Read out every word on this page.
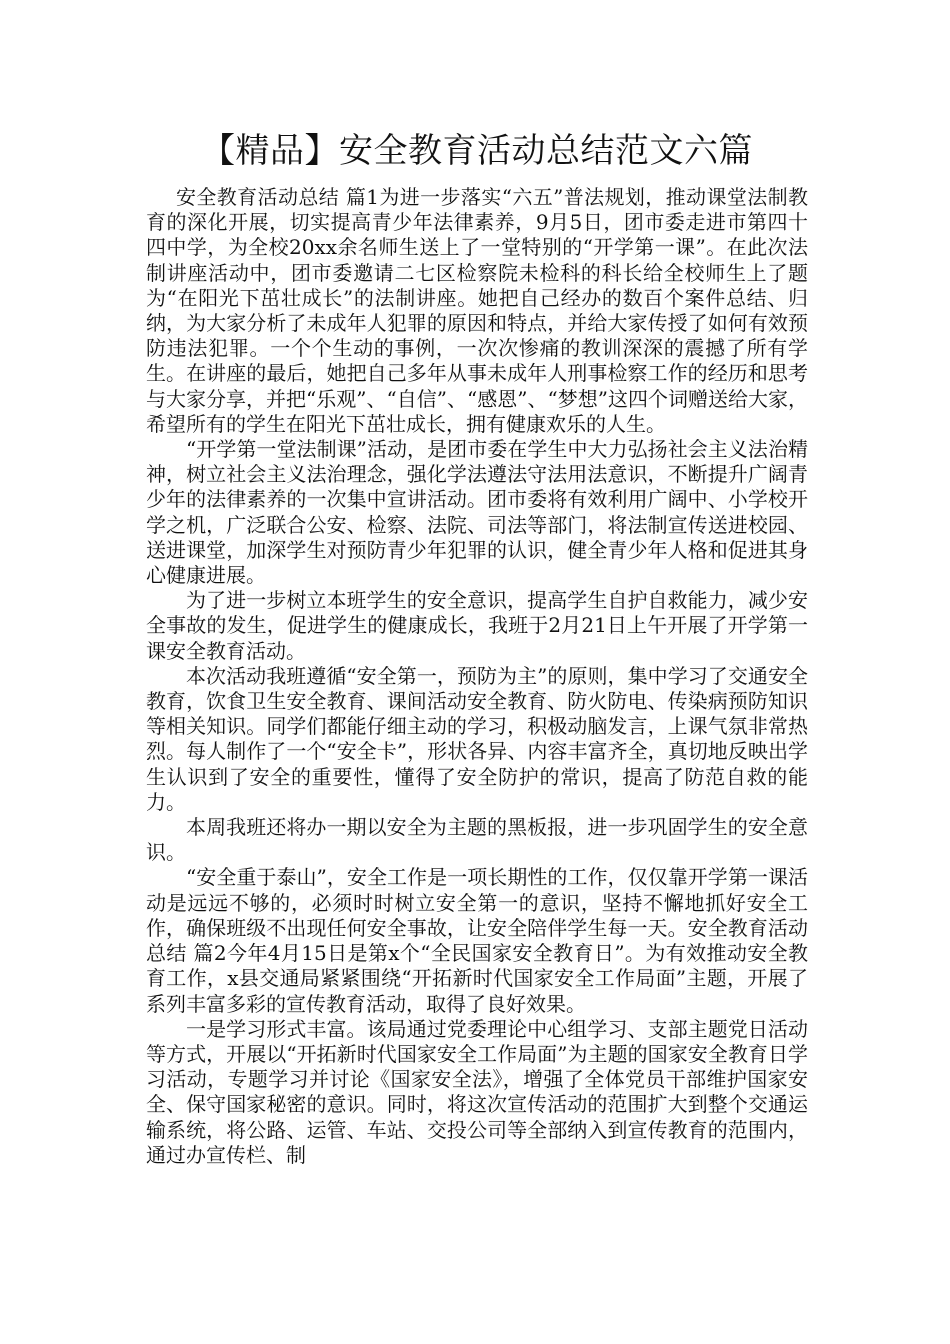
【精品】安全教育活动总结范文六篇

安全教育活动总结 篇1为进一步落实“六五”普法规划，推动课堂法制教育的深化开展，切实提高青少年法律素养，9月5日，团市委走进市第四十四中学，为全校20xx余名师生送上了一堂特别的“开学第一课”。在此次法制讲座活动中，团市委邀请二七区检察院未检科的科长给全校师生上了题为“在阳光下茁壮成长”的法制讲座。她把自己经办的数百个案件总结、归纳，为大家分析了未成年人犯罪的原因和特点，并给大家传授了如何有效预防违法犯罪。一个个生动的事例，一次次惨痛的教训深深的震撼了所有学生。在讲座的最后，她把自己多年从事未成年人刑事检察工作的经历和思考与大家分享，并把“乐观”、“自信”、“感恩”、“梦想”这四个词赠送给大家，希望所有的学生在阳光下茁壮成长，拥有健康欢乐的人生。

“开学第一堂法制课”活动，是团市委在学生中大力弘扬社会主义法治精神，树立社会主义法治理念，强化学法遵法守法用法意识，不断提升广阔青少年的法律素养的一次集中宣讲活动。团市委将有效利用广阔中、小学校开学之机，广泛联合公安、检察、法院、司法等部门，将法制宣传送进校园、送进课堂，加深学生对预防青少年犯罪的认识，健全青少年人格和促进其身心健康进展。

为了进一步树立本班学生的安全意识，提高学生自护自救能力，减少安全事故的发生，促进学生的健康成长，我班于2月21日上午开展了开学第一课安全教育活动。

本次活动我班遵循“安全第一，预防为主”的原则，集中学习了交通安全教育，饮食卫生安全教育、课间活动安全教育、防火防电、传染病预防知识等相关知识。同学们都能仔细主动的学习，积极动脑发言，上课气氛非常热烈。每人制作了一个“安全卡”，形状各异、内容丰富齐全，真切地反映出学生认识到了安全的重要性，懂得了安全防护的常识，提高了防范自救的能力。

本周我班还将办一期以安全为主题的黑板报，进一步巩固学生的安全意识。

“安全重于泰山”，安全工作是一项长期性的工作，仅仅靠开学第一课活动是远远不够的，必须时时树立安全第一的意识，坚持不懈地抓好安全工作，确保班级不出现任何安全事故，让安全陪伴学生每一天。安全教育活动总结 篇2今年4月15日是第x个“全民国家安全教育日”。为有效推动安全教育工作，x县交通局紧紧围绕“开拓新时代国家安全工作局面”主题，开展了系列丰富多彩的宣传教育活动，取得了良好效果。

一是学习形式丰富。该局通过党委理论中心组学习、支部主题党日活动等方式，开展以“开拓新时代国家安全工作局面”为主题的国家安全教育日学习活动，专题学习并讨论《国家安全法》，增强了全体党员干部维护国家安全、保守国家秘密的意识。同时，将这次宣传活动的范围扩大到整个交通运输系统，将公路、运管、车站、交投公司等全部纳入到宣传教育的范围内，通过办宣传栏、制
